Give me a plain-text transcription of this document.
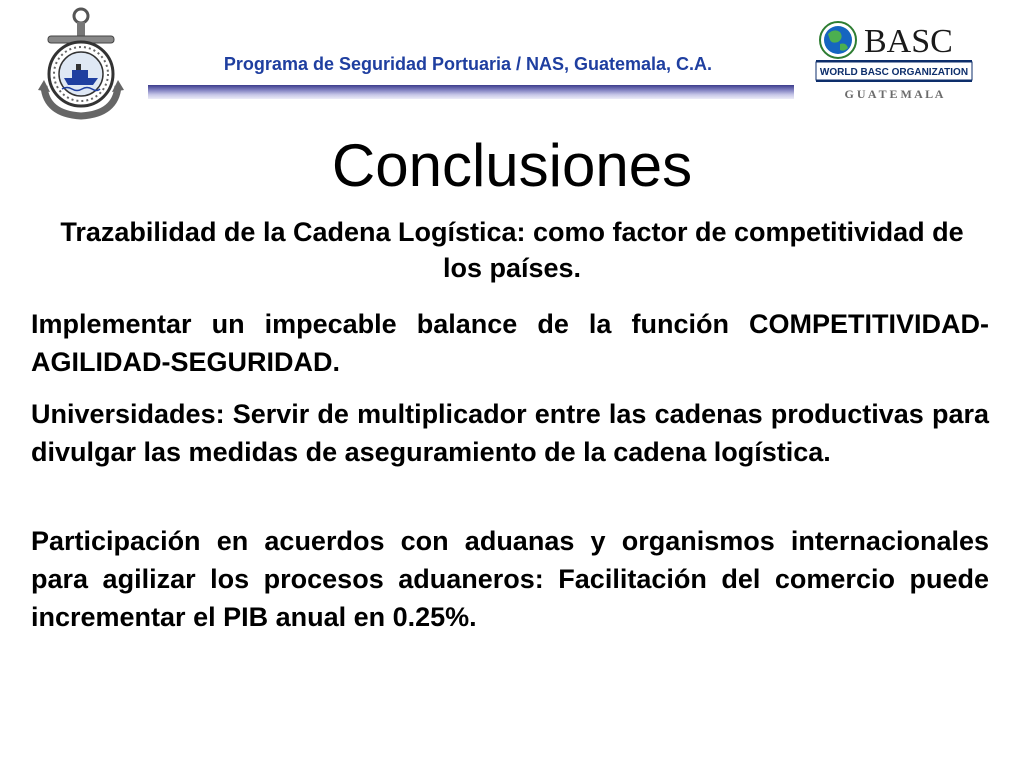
Programa de Seguridad Portuaria / NAS, Guatemala, C.A.
BASC
WORLD BASC ORGANIZATION
G U A T E M A L A
Conclusiones
Trazabilidad de la Cadena Logística: como factor de competitividad de los países.
Implementar un impecable balance de la función COMPETITIVIDAD-AGILIDAD-SEGURIDAD.
Universidades: Servir de multiplicador entre las cadenas productivas para divulgar las medidas de aseguramiento de la cadena logística.
Participación en acuerdos con aduanas y organismos internacionales para agilizar los procesos aduaneros: Facilitación del comercio puede incrementar el PIB anual en 0.25%.
